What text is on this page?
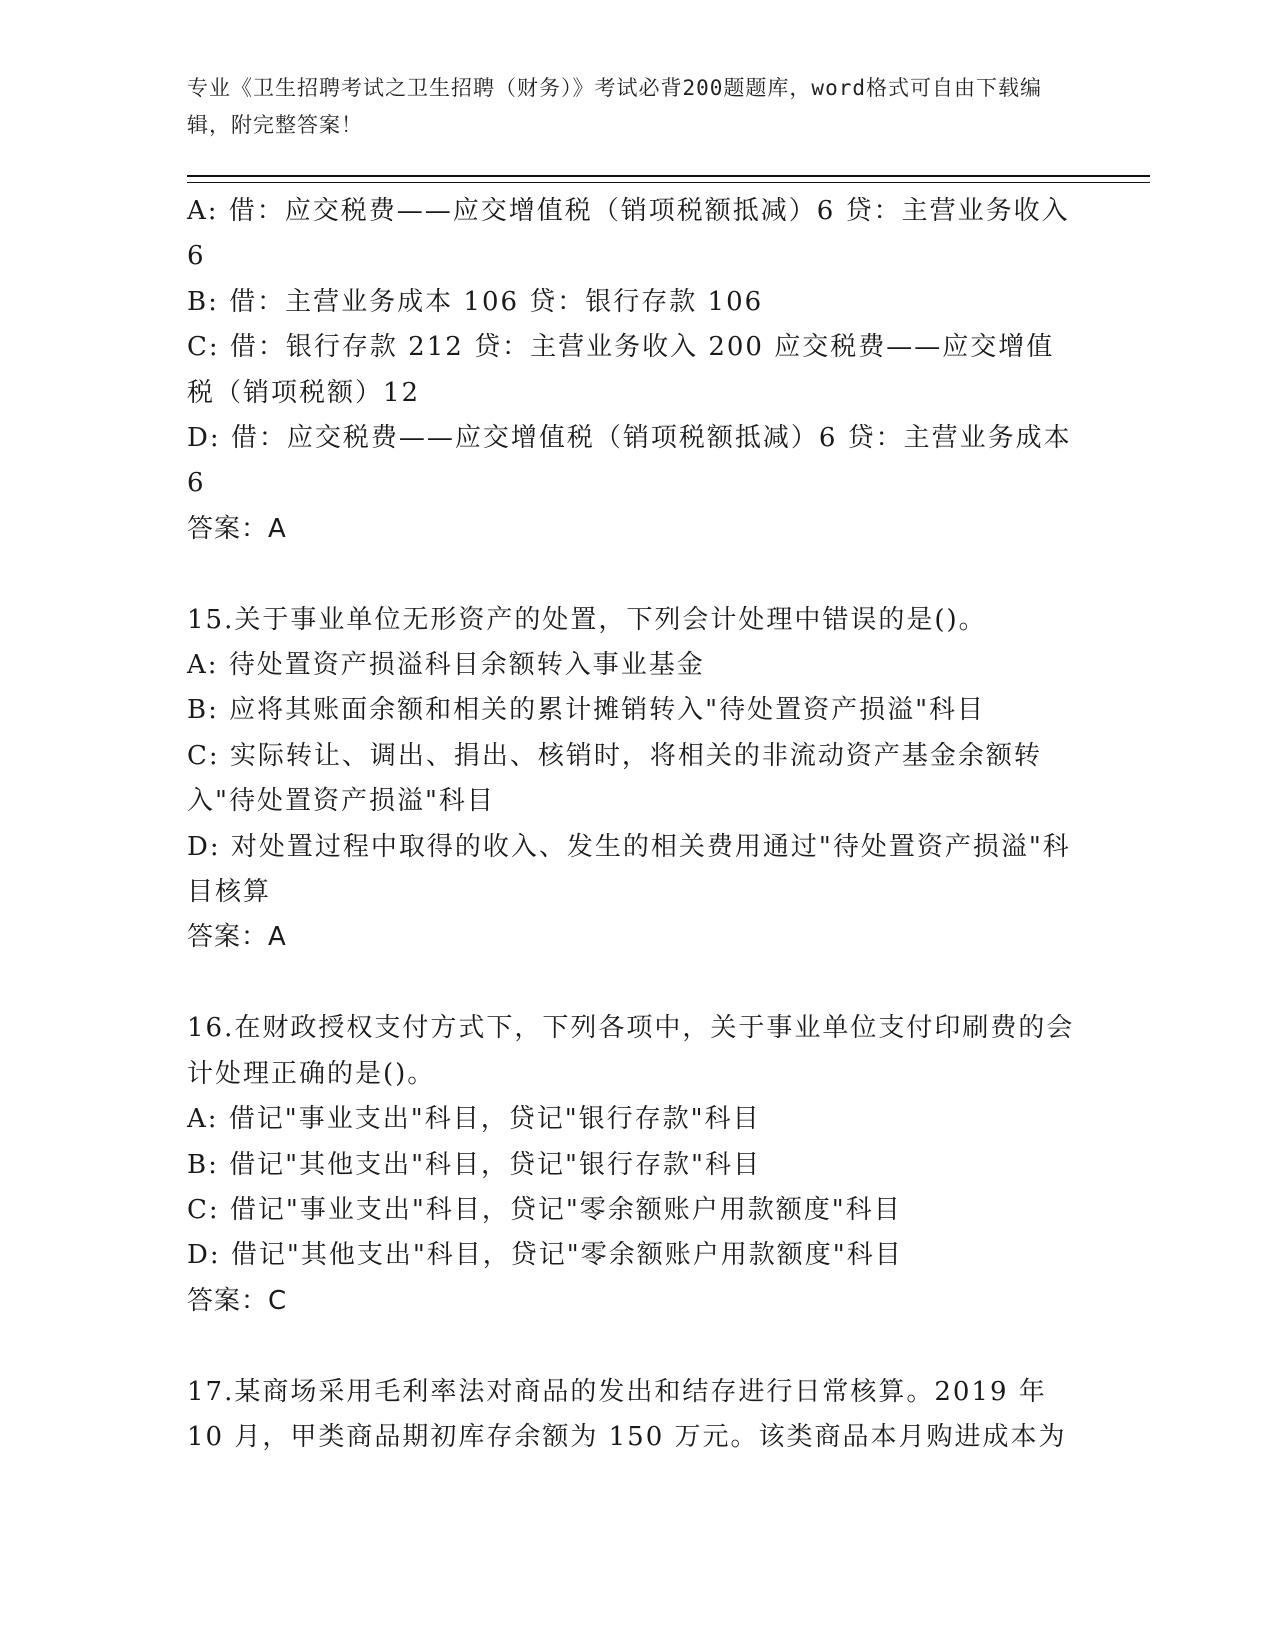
专业《卫生招聘考试之卫生招聘（财务）》考试必背200题题库，word格式可自由下载编辑，附完整答案！

A: 借：应交税费——应交增值税（销项税额抵减）6 贷：主营业务收入 6

B: 借：主营业务成本 106 贷：银行存款 106

C: 借：银行存款 212 贷：主营业务收入 200 应交税费——应交增值税（销项税额）12

D: 借：应交税费——应交增值税（销项税额抵减）6 贷：主营业务成本 6

答案：A

15.关于事业单位无形资产的处置，下列会计处理中错误的是()。

A: 待处置资产损溢科目余额转入事业基金

B: 应将其账面余额和相关的累计摊销转入"待处置资产损溢"科目

C: 实际转让、调出、捐出、核销时，将相关的非流动资产基金余额转入"待处置资产损溢"科目

D: 对处置过程中取得的收入、发生的相关费用通过"待处置资产损溢"科目核算

答案：A

16.在财政授权支付方式下，下列各项中，关于事业单位支付印刷费的会计处理正确的是()。

A: 借记"事业支出"科目，贷记"银行存款"科目

B: 借记"其他支出"科目，贷记"银行存款"科目

C: 借记"事业支出"科目，贷记"零余额账户用款额度"科目

D: 借记"其他支出"科目，贷记"零余额账户用款额度"科目

答案：C

17.某商场采用毛利率法对商品的发出和结存进行日常核算。2019 年 10 月，甲类商品期初库存余额为 150 万元。该类商品本月购进成本为
